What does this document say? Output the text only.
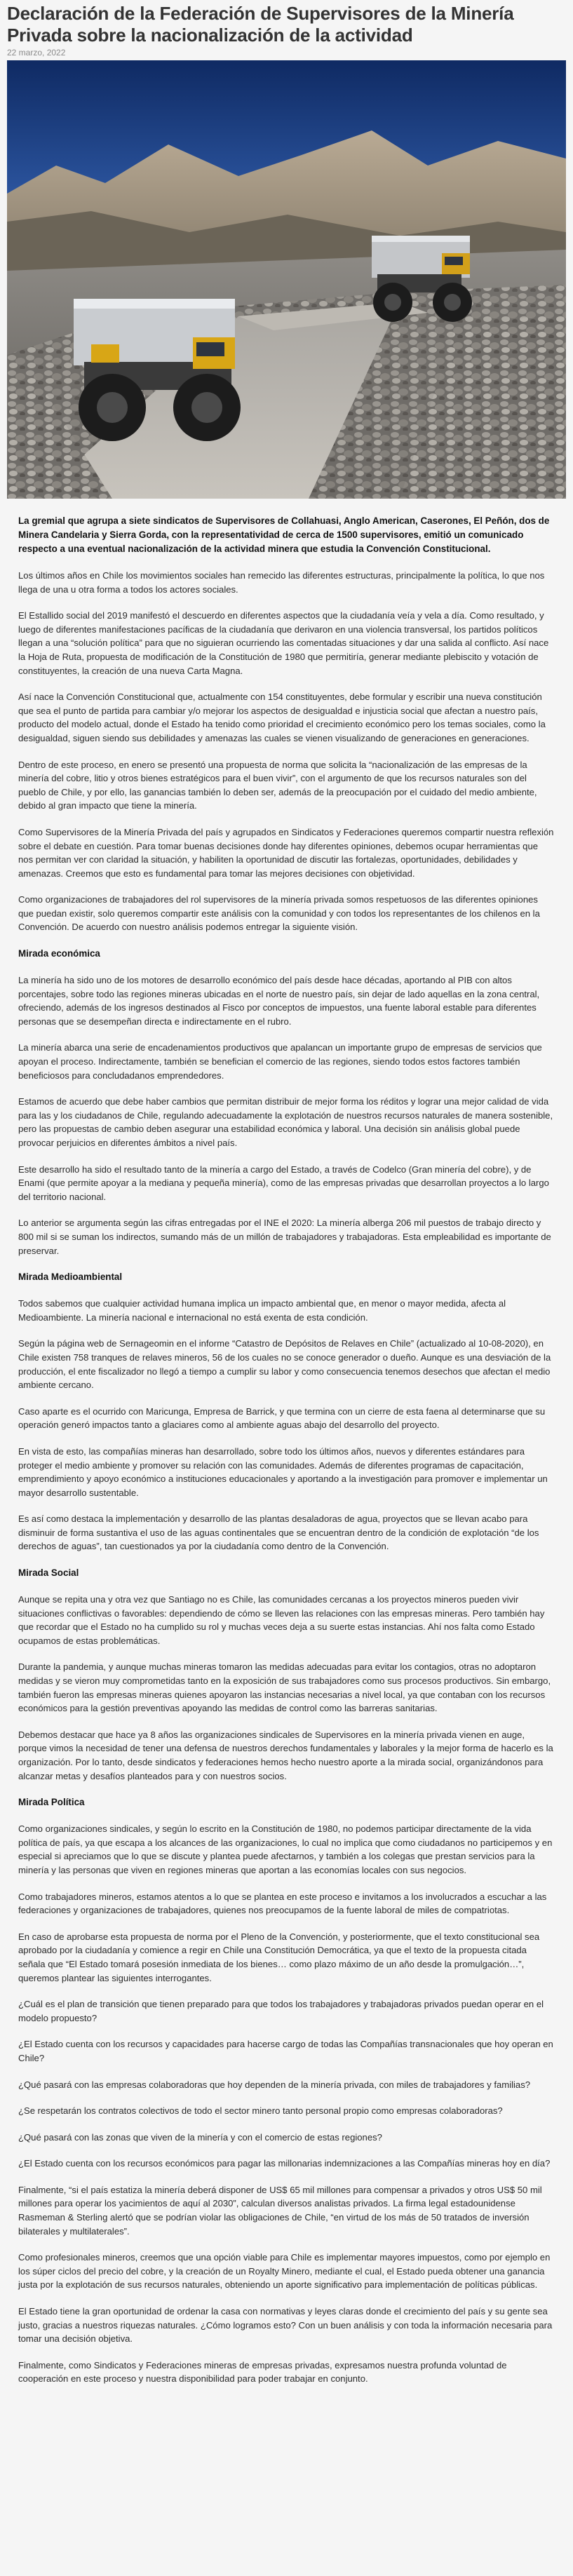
Declaración de la Federación de Supervisores de la Minería
Privada sobre la nacionalización de la actividad
22 marzo, 2022

La gremial que agrupa a siete sindicatos de Supervisores de Collahuasi, Anglo American, Caserones, El Peñón, dos de Minera Candelaria y Sierra Gorda, con la representatividad de cerca de 1500 supervisores, emitió un comunicado respecto a una eventual nacionalización de la actividad minera que estudia la Convención Constitucional.

Los últimos años en Chile los movimientos sociales han remecido las diferentes estructuras, principalmente la política, lo que nos llega de una u otra forma a todos los actores sociales.

El Estallido social del 2019 manifestó el descuerdo en diferentes aspectos que la ciudadanía veía y vela a día. Como resultado, y luego de diferentes manifestaciones pacíficas de la ciudadanía que derivaron en una violencia transversal, los partidos políticos llegan a una “solución política” para que no siguieran ocurriendo las comentadas situaciones y dar una salida al conflicto. Así nace la Hoja de Ruta, propuesta de modificación de la Constitución de 1980 que permitiría, generar mediante plebiscito y votación de constituyentes, la creación de una nueva Carta Magna.

Así nace la Convención Constitucional que, actualmente con 154 constituyentes, debe formular y escribir una nueva constitución que sea el punto de partida para cambiar y/o mejorar los aspectos de desigualdad e injusticia social que afectan a nuestro país, producto del modelo actual, donde el Estado ha tenido como prioridad el crecimiento económico pero los temas sociales, como la desigualdad, siguen siendo sus debilidades y amenazas las cuales se vienen visualizando de generaciones en generaciones.

Dentro de este proceso, en enero se presentó una propuesta de norma que solicita la “nacionalización de las empresas de la minería del cobre, litio y otros bienes estratégicos para el buen vivir”, con el argumento de que los recursos naturales son del pueblo de Chile, y por ello, las ganancias también lo deben ser, además de la preocupación por el cuidado del medio ambiente, debido al gran impacto que tiene la minería.

Como Supervisores de la Minería Privada del país y agrupados en Sindicatos y Federaciones queremos compartir nuestra reflexión sobre el debate en cuestión. Para tomar buenas decisiones donde hay diferentes opiniones, debemos ocupar herramientas que nos permitan ver con claridad la situación, y habiliten la oportunidad de discutir las fortalezas, oportunidades, debilidades y amenazas. Creemos que esto es fundamental para tomar las mejores decisiones con objetividad.

Como organizaciones de trabajadores del rol supervisores de la minería privada somos respetuosos de las diferentes opiniones que puedan existir, solo queremos compartir este análisis con la comunidad y con todos los representantes de los chilenos en la Convención. De acuerdo con nuestro análisis podemos entregar la siguiente visión.

Mirada económica

La minería ha sido uno de los motores de desarrollo económico del país desde hace décadas, aportando al PIB con altos porcentajes, sobre todo las regiones mineras ubicadas en el norte de nuestro país, sin dejar de lado aquellas en la zona central, ofreciendo, además de los ingresos destinados al Fisco por conceptos de impuestos, una fuente laboral estable para diferentes personas que se desempeñan directa e indirectamente en el rubro.

La minería abarca una serie de encadenamientos productivos que apalancan un importante grupo de empresas de servicios que apoyan el proceso. Indirectamente, también se benefician el comercio de las regiones, siendo todos estos factores también beneficiosos para concludadanos emprendedores.

Estamos de acuerdo que debe haber cambios que permitan distribuir de mejor forma los réditos y lograr una mejor calidad de vida para las y los ciudadanos de Chile, regulando adecuadamente la explotación de nuestros recursos naturales de manera sostenible, pero las propuestas de cambio deben asegurar una estabilidad económica y laboral. Una decisión sin análisis global puede provocar perjuicios en diferentes ámbitos a nivel país.

Este desarrollo ha sido el resultado tanto de la minería a cargo del Estado, a través de Codelco (Gran minería del cobre), y de Enami (que permite apoyar a la mediana y pequeña minería), como de las empresas privadas que desarrollan proyectos a lo largo del territorio nacional.

Lo anterior se argumenta según las cifras entregadas por el INE el 2020: La minería alberga 206 mil puestos de trabajo directo y 800 mil si se suman los indirectos, sumando más de un millón de trabajadores y trabajadoras. Esta empleabilidad es importante de preservar.

Mirada Medioambiental

Todos sabemos que cualquier actividad humana implica un impacto ambiental que, en menor o mayor medida, afecta al Medioambiente. La minería nacional e internacional no está exenta de esta condición.

Según la página web de Sernageomin en el informe “Catastro de Depósitos de Relaves en Chile” (actualizado al 10-08-2020), en Chile existen 758 tranques de relaves mineros, 56 de los cuales no se conoce generador o dueño. Aunque es una desviación de la producción, el ente fiscalizador no llegó a tiempo a cumplir su labor y como consecuencia tenemos desechos que afectan el medio ambiente cercano.

Caso aparte es el ocurrido con Maricunga, Empresa de Barrick, y que termina con un cierre de esta faena al determinarse que su operación generó impactos tanto a glaciares como al ambiente aguas abajo del desarrollo del proyecto.

En vista de esto, las compañías mineras han desarrollado, sobre todo los últimos años, nuevos y diferentes estándares para proteger el medio ambiente y promover su relación con las comunidades. Además de diferentes programas de capacitación, emprendimiento y apoyo económico a instituciones educacionales y aportando a la investigación para promover e implementar un mayor desarrollo sustentable.

Es así como destaca la implementación y desarrollo de las plantas desaladoras de agua, proyectos que se llevan acabo para disminuir de forma sustantiva el uso de las aguas continentales que se encuentran dentro de la condición de explotación “de los derechos de aguas”, tan cuestionados ya por la ciudadanía como dentro de la Convención.

Mirada Social

Aunque se repita una y otra vez que Santiago no es Chile, las comunidades cercanas a los proyectos mineros pueden vivir situaciones conflictivas o favorables: dependiendo de cómo se lleven las relaciones con las empresas mineras. Pero también hay que recordar que el Estado no ha cumplido su rol y muchas veces deja a su suerte estas instancias. Ahí nos falta como Estado ocupamos de estas problemáticas.

Durante la pandemia, y aunque muchas mineras tomaron las medidas adecuadas para evitar los contagios, otras no adoptaron medidas y se vieron muy comprometidas tanto en la exposición de sus trabajadores como sus procesos productivos. Sin embargo, también fueron las empresas mineras quienes apoyaron las instancias necesarias a nivel local, ya que contaban con los recursos económicos para la gestión preventivas apoyando las medidas de control como las barreras sanitarias.

Debemos destacar que hace ya 8 años las organizaciones sindicales de Supervisores en la minería privada vienen en auge, porque vimos la necesidad de tener una defensa de nuestros derechos fundamentales y laborales y la mejor forma de hacerlo es la organización. Por lo tanto, desde sindicatos y federaciones hemos hecho nuestro aporte a la mirada social, organizándonos para alcanzar metas y desafíos planteados para y con nuestros socios.

Mirada Política

Como organizaciones sindicales, y según lo escrito en la Constitución de 1980, no podemos participar directamente de la vida política de país, ya que escapa a los alcances de las organizaciones, lo cual no implica que como ciudadanos no participemos y en especial si apreciamos que lo que se discute y plantea puede afectarnos, y también a los colegas que prestan servicios para la minería y las personas que viven en regiones mineras que aportan a las economías locales con sus negocios.

Como trabajadores mineros, estamos atentos a lo que se plantea en este proceso e invitamos a los involucrados a escuchar a las federaciones y organizaciones de trabajadores, quienes nos preocupamos de la fuente laboral de miles de compatriotas.

En caso de aprobarse esta propuesta de norma por el Pleno de la Convención, y posteriormente, que el texto constitucional sea aprobado por la ciudadanía y comience a regir en Chile una Constitución Democrática, ya que el texto de la propuesta citada señala que “El Estado tomará posesión inmediata de los bienes… como plazo máximo de un año desde la promulgación…”, queremos plantear las siguientes interrogantes.

¿Cuál es el plan de transición que tienen preparado para que todos los trabajadores y trabajadoras privados puedan operar en el modelo propuesto?

¿El Estado cuenta con los recursos y capacidades para hacerse cargo de todas las Compañías transnacionales que hoy operan en Chile?

¿Qué pasará con las empresas colaboradoras que hoy dependen de la minería privada, con miles de trabajadores y familias?

¿Se respetarán los contratos colectivos de todo el sector minero tanto personal propio como empresas colaboradoras?

¿Qué pasará con las zonas que viven de la minería y con el comercio de estas regiones?

¿El Estado cuenta con los recursos económicos para pagar las millonarias indemnizaciones a las Compañías mineras hoy en día?

Finalmente, “si el país estatiza la minería deberá disponer de US$ 65 mil millones para compensar a privados y otros US$ 50 mil millones para operar los yacimientos de aquí al 2030”, calculan diversos analistas privados. La firma legal estadounidense Rasmeman & Sterling alertó que se podrían violar las obligaciones de Chile, “en virtud de los más de 50 tratados de inversión bilaterales y multilaterales”.

Como profesionales mineros, creemos que una opción viable para Chile es implementar mayores impuestos, como por ejemplo en los súper ciclos del precio del cobre, y la creación de un Royalty Minero, mediante el cual, el Estado pueda obtener una ganancia justa por la explotación de sus recursos naturales, obteniendo un aporte significativo para implementación de políticas públicas.

El Estado tiene la gran oportunidad de ordenar la casa con normativas y leyes claras donde el crecimiento del país y su gente sea justo, gracias a nuestros riquezas naturales. ¿Cómo logramos esto? Con un buen análisis y con toda la información necesaria para tomar una decisión objetiva.

Finalmente, como Sindicatos y Federaciones mineras de empresas privadas, expresamos nuestra profunda voluntad de cooperación en este proceso y nuestra disponibilidad para poder trabajar en conjunto.
